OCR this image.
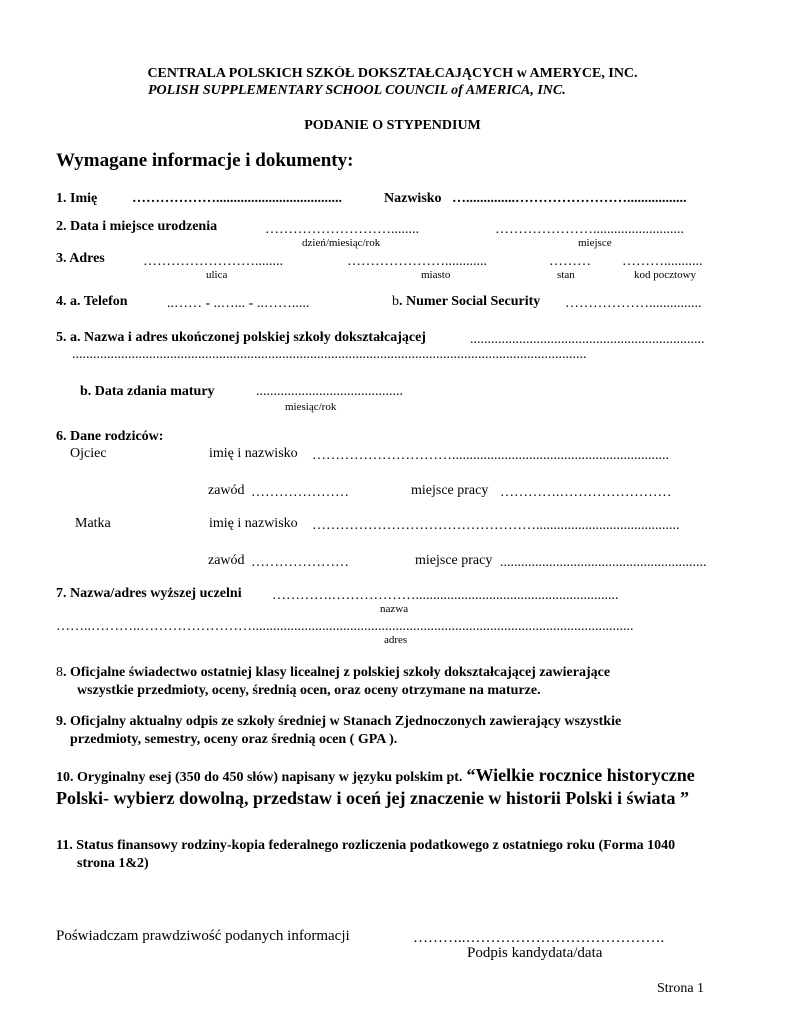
CENTRALA POLSKICH SZKÓŁ DOKSZTAŁCAJĄCYCH w AMERYCE, INC.
POLISH SUPPLEMENTARY SCHOOL COUNCIL of AMERICA, INC.
PODANIE O STYPENDIUM
Wymagane informacje i dokumenty:
1. Imię ………………....................................	Nazwisko …..............…………………….................
2. Data i miejsce urodzenia	………………………........	…………………..........................
dzień/miesiąc/rok	miejsce
3. Adres	……………………........	…………………............	……… ………...........
ulica	miasto	stan	kod pocztowy
4. a. Telefon	..…… - ..…... - ..…….....	b. Numer Social Security ………………...............
5. a. Nazwa i adres ukończonej polskiej szkoły dokształcającej	...................................................................
...................................................................................................................................................
b. Data zdania matury	..........................................
miesiąc/rok
6. Dane rodziców:
Ojciec	imię i nazwisko …………………………..............................................................
zawód …………………	miejsce pracy ………….……………………
Matka	imię i nazwisko ………………………………………….........................................
zawód …………………	miejsce pracy ...........................................................
7. Nazwa/adres wyższej uczelni ………….………………..........................................................
nazwa
……..………..…………………….............................................................................................................
adres
8. Oficjalne świadectwo ostatniej klasy licealnej z polskiej szkoły dokształcającej zawierające
wszystkie przedmioty, oceny, średnią ocen, oraz oceny otrzymane na maturze.
9. Oficjalny aktualny odpis ze szkoły średniej w Stanach Zjednoczonych zawierający wszystkie
przedmioty, semestry, oceny oraz średnią ocen ( GPA ).
10. Oryginalny esej (350 do 450 słów) napisany w języku polskim pt. “Wielkie rocznice historyczne
Polski- wybierz dowolną, przedstaw i oceń jej znaczenie w historii Polski i świata ”
11. Status finansowy rodziny-kopia federalnego rozliczenia podatkowego z ostatniego roku (Forma 1040
strona 1&2)
Poświadczam prawdziwość podanych informacji	………..………………………………….
Podpis kandydata/data
Strona 1
